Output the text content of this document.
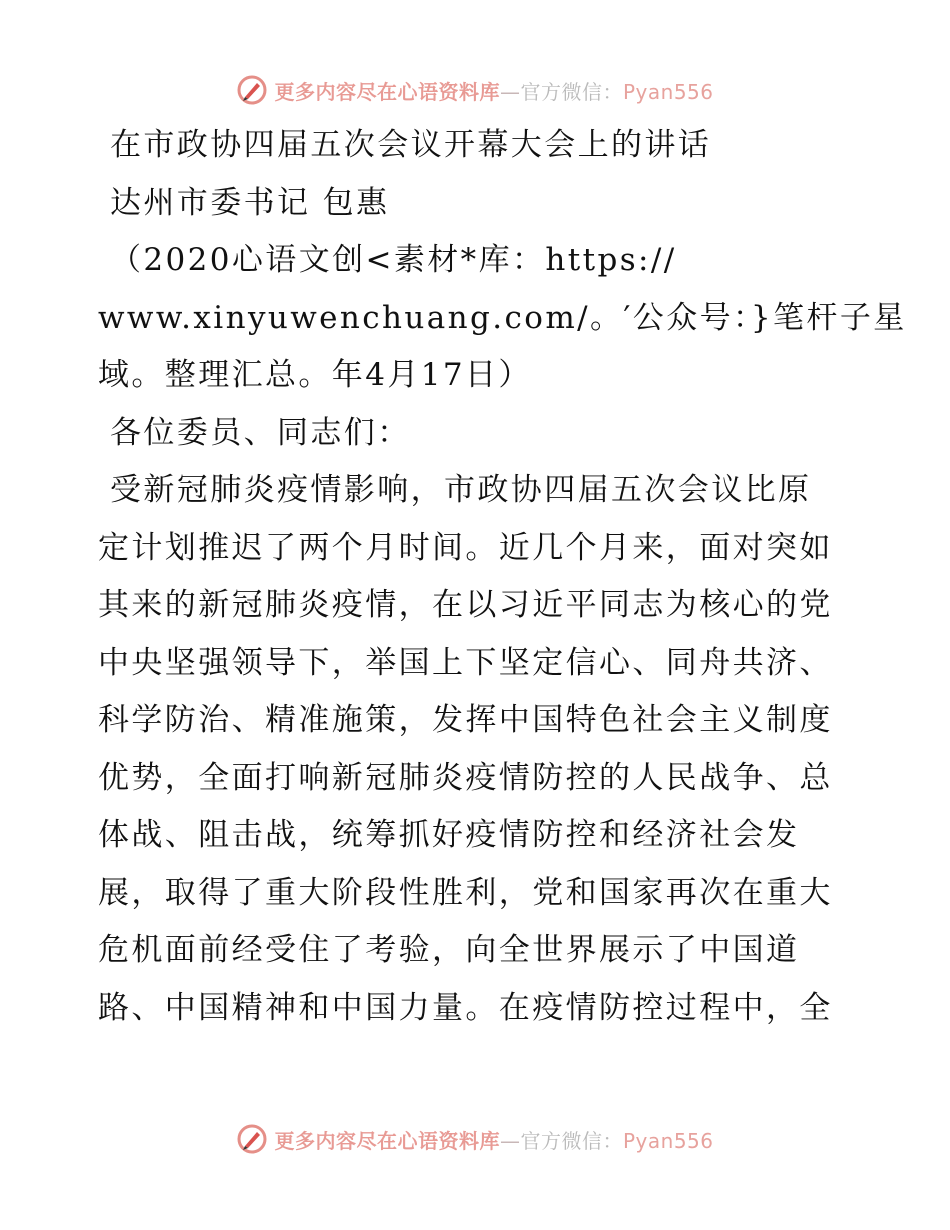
更多内容尽在心语资料库—官方微信：Pyan556
在市政协四届五次会议开幕大会上的讲话
达州市委书记 包惠
（2020心语文创<素材*库：https://
www.xinyuwenchuang.com/。′公众号：}笔杆子星
域。整理汇总。年4月17日）
各位委员、同志们：
受新冠肺炎疫情影响，市政协四届五次会议比原
定计划推迟了两个月时间。近几个月来，面对突如
其来的新冠肺炎疫情，在以习近平同志为核心的党
中央坚强领导下，举国上下坚定信心、同舟共济、
科学防治、精准施策，发挥中国特色社会主义制度
优势，全面打响新冠肺炎疫情防控的人民战争、总
体战、阻击战，统筹抓好疫情防控和经济社会发
展，取得了重大阶段性胜利，党和国家再次在重大
危机面前经受住了考验，向全世界展示了中国道
路、中国精神和中国力量。在疫情防控过程中，全
更多内容尽在心语资料库—官方微信：Pyan556
